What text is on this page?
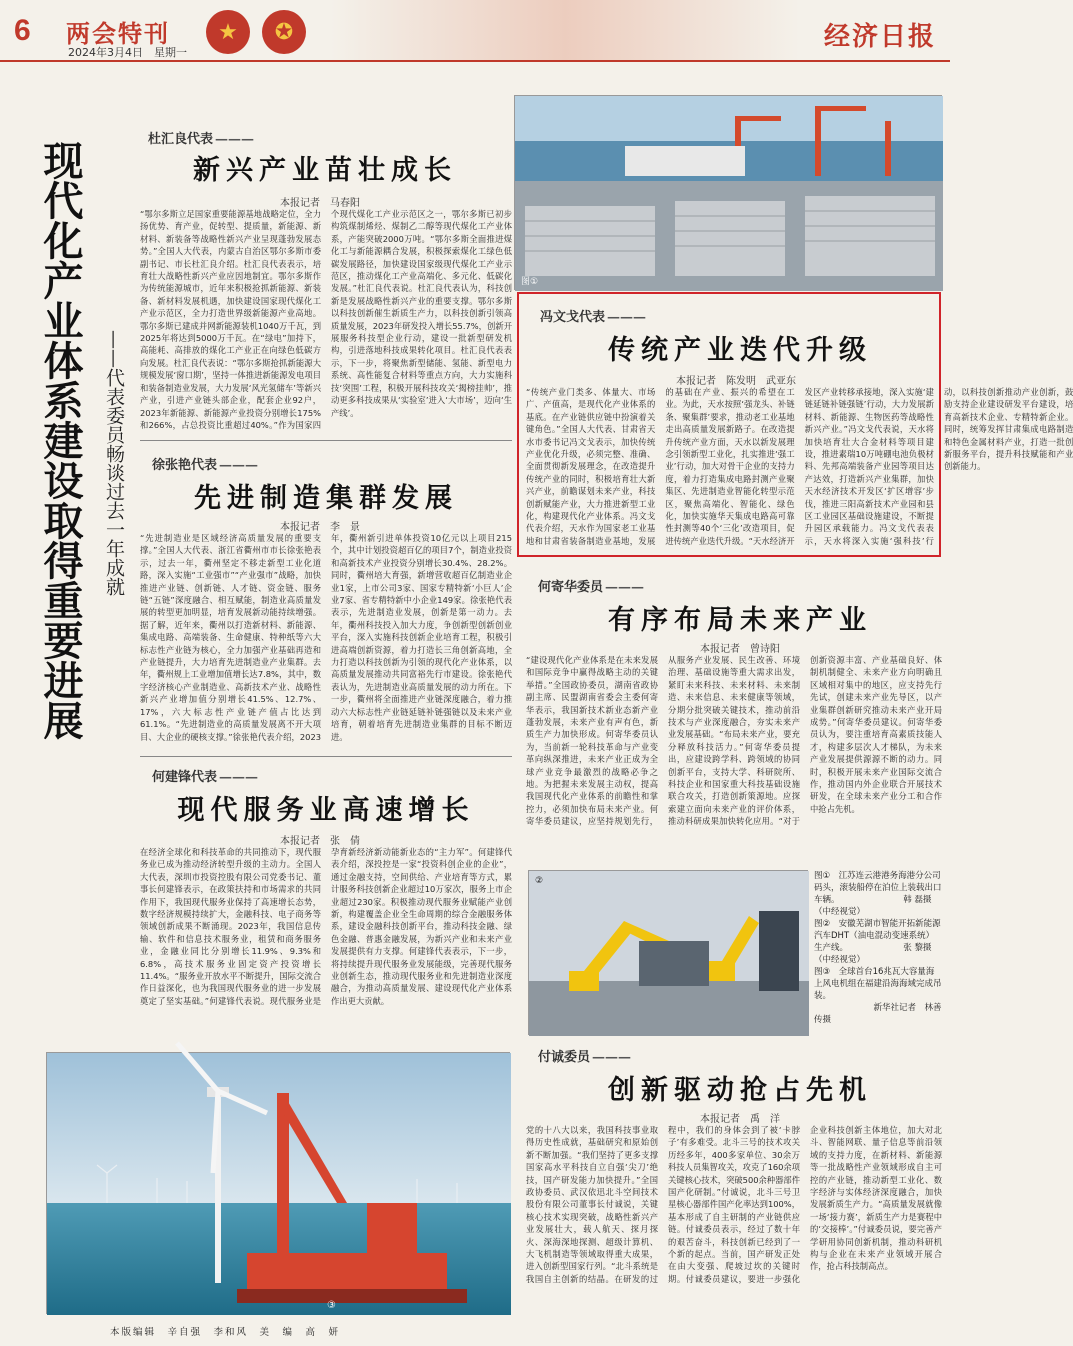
6 两会特刊
2024年3月4日　星期一
★	✪	经济日报
现代化产业体系建设取得重要进展 ——代表委员畅谈过去一年成就
杜汇良代表 ———
新兴产业苗壮成长
本报记者　马春阳
“鄂尔多斯立足国家重要能源基地战略定位，全力扬优势、育产业，促转型、提质量，新能源、新材料、新装备等战略性新兴产业呈现蓬勃发展态势。”全国人大代表，内蒙古自治区鄂尔多斯市委副书记、市长杜汇良介绍。杜汇良代表表示，培育壮大战略性新兴产业应因地制宜。鄂尔多斯作为传统能源城市，近年来积极抢抓新能源、新装备、新材料发展机遇，加快建设国家现代煤化工产业示范区，全力打造世界级新能源产业高地。鄂尔多斯已建成并网新能源装机1040万千瓦，到2025年将达到5000万千瓦。在“绿电”加持下，高能耗、高排放的煤化工产业正在向绿色低碳方向发展。杜汇良代表说：“鄂尔多斯抢抓新能源大规模发展‘窗口期’，坚持一体推进新能源发电项目和装备制造业发展，大力发展‘风光氢储车’等新兴产业，引进产业链头部企业，配套企业92户，2023年新能源、新能源产业投资分别增长175%和266%，占总投资比重超过40%。”作为国家四个现代煤化工产业示范区之一，鄂尔多斯已初步构筑煤制烯烃、煤制乙二醇等现代煤化工产业体系，产能突破2000万吨。“鄂尔多斯全面推进煤化工与新能源耦合发展，积极探索煤化工绿色低碳发展路径，加快建设国家级现代煤化工产业示范区，推动煤化工产业高端化、多元化、低碳化发展。”杜汇良代表说。杜汇良代表认为，科技创新是发展战略性新兴产业的重要支撑。鄂尔多斯以科技创新催生新质生产力，以科技创新引领高质量发展，2023年研发投入增长55.7%，创新开展服务科技型企业行动，建设一批新型研发机构，引进落地科技成果转化项目。杜汇良代表表示，下一步，将聚焦新型储能、氢能、新型电力系统、高性能复合材料等重点方向，大力实施科技‘突围’工程，积极开展科技攻关‘揭榜挂帅’，推动更多科技成果从‘实验室’进入‘大市场’，迈向‘生产线’。
徐张艳代表 ———
先进制造集群发展
本报记者　李　景
“先进制造业是区域经济高质量发展的重要支撑。”全国人大代表、浙江省衢州市市长徐张艳表示，过去一年，衢州坚定不移走新型工业化道路，深入实施“工业强市”“产业强市”战略，加快推进产业链、创新链、人才链、资金链、服务链“五链”深度融合、相互赋能，制造业高质量发展的转型更加明显，培育发展新动能持续增强。据了解，近年来，衢州以打造新材料、新能源、集成电路、高端装备、生命健康、特种纸等六大标志性产业链为核心，全力加强产业基础再造和产业链提升，大力培育先进制造业产业集群。去年，衢州规上工业增加值增长达7.8%，其中，数字经济核心产业制造业、高新技术产业、战略性新兴产业增加值分别增长41.5%、12.7%、17%，六大标志性产业链产值占比达到61.1%。“先进制造业的高质量发展离不开大项目、大企业的硬核支撑。”徐张艳代表介绍，2023年，衢州新引进单体投资10亿元以上项目215个，其中计划投资超百亿的项目7个，制造业投资和高新技术产业投资分别增长30.4%、28.2%。同时，衢州培大育强，新增营收超百亿制造业企业1家，上市公司3家、国家专精特新‘小巨人’企业7家、省专精特新中小企业149家。徐张艳代表表示，先进制造业发展，创新是第一动力。去年，衢州科技投入加大力度，争创新型创新创业平台，深入实施科技创新企业培育工程，积极引进高端创新资源，着力打造长三角创新高地，全力打造以科技创新为引领的现代化产业体系，以高质量发展推动共同富裕先行市建设。徐张艳代表认为，先进制造业高质量发展的动力所在。下一步，衢州将全面推进产业链深度融合，着力推动六大标志性产业链延链补链强链以及未来产业培育，朝着培育先进制造业集群的目标不断迈进。
何建锋代表 ———
现代服务业高速增长
本报记者　张　倩
在经济全球化和科技革命的共同推动下，现代服务业已成为推动经济转型升级的主动力。全国人大代表，深圳市投资控股有限公司党委书记、董事长何建锋表示，在政策扶持和市场需求的共同作用下，我国现代服务业保持了高速增长态势，数字经济规模持续扩大，金融科技、电子商务等领域创新成果不断涌现。2023年，我国信息传输、软件和信息技术服务业，租赁和商务服务业，金融业同比分别增长11.9%、9.3%和6.8%，高技术服务业固定资产投资增长11.4%。“服务业开放水平不断提升，国际交流合作日益深化，也为我国现代服务业的进一步发展奠定了坚实基础。”何建锋代表说。现代服务业是孕育新经济新动能新业态的“主力军”。何建锋代表介绍，深投控是一家“投资科创企业的企业”，通过金融支持，空间供给、产业培育等方式，累计服务科技创新企业超过10万家次，服务上市企业超过230家。积极推动现代服务业赋能产业创新，构建覆盖企业全生命周期的综合金融服务体系，建设金融科技创新平台，推动科技金融、绿色金融、普惠金融发展，为新兴产业和未来产业发展提供有力支撑。何建锋代表表示，下一步，将持续提升现代服务业发展能级，完善现代服务业创新生态，推动现代服务业和先进制造业深度融合，为推动高质量发展、建设现代化产业体系作出更大贡献。
③
图①
冯文戈代表 ———
传统产业迭代升级
本报记者　陈发明　武亚东
“传统产业门类多、体量大、市场广、产值高，是现代化产业体系的基底。在产业链供应链中扮演着关键角色。”全国人大代表、甘肃省天水市委书记冯文戈表示，加快传统产业优化升级，必须完整、准确、全面贯彻新发展理念，在改造提升传统产业的同时，积极培育壮大新兴产业，前瞻谋划未来产业，科技创新赋能产业，大力推进新型工业化，构建现代化产业体系。冯文戈代表介绍，天水作为国家老工业基地和甘肃省装备制造业基地，发展的基础在产业、振兴的希望在工业。为此，天水按照‘强龙头、补链条、聚集群’要求，推动老工业基地走出高质量发展新路子。在改造提升传统产业方面，天水以新发展理念引领新型工业化，扎实推进‘强工业’行动，加大对骨干企业的支持力度，着力打造集成电路封测产业聚集区、先进制造业智能化转型示范区，聚焦高端化、智能化、绿色化，加快实施华天集成电路高可靠性封测等40个‘三化’改造项目，促进传统产业迭代升级。“天水经济开发区产业转移承接地，深入实施‘建链延链补链强链’行动，大力发展新材料、新能源、生物医药等战略性新兴产业。”冯文戈代表说，天水将加快培育壮大合金材料等项目建设，推进素瑞10万吨硼电池负极材料、先邦高端装备产业园等项目达产达效，打造新兴产业集群，加快天水经济技术开发区‘扩区增容’步伐，推进三阳高新技术产业园和县区工业园区基础设施建设，不断提升园区承载能力。冯文戈代表表示，天水将深入实施‘强科技’行动，以科技创新推动产业创新，鼓励支持企业建设研发平台建设，培育高新技术企业、专精特新企业。同时，统筹发挥甘肃集成电路制造和特色金属材料产业，打造一批创新服务平台，提升科技赋能和产业创新能力。
何寄华委员 ———
有序布局未来产业
本报记者　曾诗阳
“建设现代化产业体系是在未来发展和国际竞争中赢得战略主动的关键举措。”全国政协委员，湖南省政协副主席、民盟湖南省委会主委何寄华表示，我国新技术新业态新产业蓬勃发展，未来产业有声有色，新质生产力加快形成。何寄华委员认为，当前新一轮科技革命与产业变革向纵深推进，未来产业正成为全球产业竞争最激烈的战略必争之地。为把握未来发展主动权，提高我国现代化产业体系的前瞻性和掌控力，必须加快布局未来产业。何寄华委员建议，应坚持规划先行，从服务产业发展、民生改善、环境治理、基础设施等重大需求出发，紧盯未来科技、未来材料、未来制造、未来信息、未来健康等领域，分期分批突破关键技术，推动前沿技术与产业深度融合，夯实未来产业发展基础。“布局未来产业，要充分释放科技活力。”何寄华委员提出，应建设跨学科、跨领域的协同创新平台，支持大学、科研院所、科技企业和国家重大科技基础设施联合攻关，打造创新策源地。应探索建立面向未来产业的评价体系，推动科研成果加快转化应用。“对于创新资源丰富、产业基础良好、体制机制健全、未来产业方向明确且区域相对集中的地区，应支持先行先试，创建未来产业先导区，以产业集群创新研究推动未来产业开局成势。”何寄华委员建议。何寄华委员认为，要注重培育高素质技能人才，构建多层次人才梯队，为未来产业发展提供源源不断的动力。同时，积极开展未来产业国际交流合作，推动国内外企业联合开展技术研发，在全球未来产业分工和合作中抢占先机。
②	图①　江苏连云港港务海港分公司码头，滚装船停在泊位上装载出口车辆。　　　　　　　　韩 磊摄（中经视觉）
图②　安徽芜湖市智能开拓新能源汽车DHT（油电混动变速系统）生产线。　　　　　　　张 黎摄（中经视觉）
图③　全球首台16兆瓦大容量海上风电机组在福建沿海海域完成吊装。
　　　　　　　新华社记者　林善传摄
付诚委员 ———
创新驱动抢占先机
本报记者　禹　洋
党的十八大以来，我国科技事业取得历史性成就，基础研究和原始创新不断加强。“我们坚持了更多支撑国家高水平科技自立自强‘尖刀’绝技，国产研发能力加快提升。”全国政协委员、武汉依迅北斗空间技术股份有限公司董事长付诚说，关键核心技术实现突破，战略性新兴产业发展壮大，载人航天、探月探火、深海深地探测、超级计算机、大飞机制造等领域取得重大成果，进入创新型国家行列。“北斗系统是我国自主创新的结晶。在研发的过程中，我们的身体会到了被‘卡脖子’有多难受。北斗三号的技术攻关历经多年，400多家单位、30余万科技人员集智攻关，攻克了160余项关键核心技术，突破500余种器部件国产化研制。”付诚说，北斗三号卫星核心器部件国产化率达到100%，基本形成了自主研制的产业链供应链。付诚委员表示，经过了数十年的艰苦奋斗，科技创新已经到了一个新的起点。当前，国产研发正处在由大变强、爬坡过坎的关键时期。付诚委员建议，要进一步强化企业科技创新主体地位，加大对北斗、智能网联、量子信息等前沿领域的支持力度，在新材料、新能源等一批战略性产业领域形成自主可控的产业链，推动新型工业化、数字经济与实体经济深度融合，加快发展新质生产力。“高质量发展就像一场‘接力赛’，新质生产力是赛程中的‘交接棒’。”付诚委员说，要完善产学研用协同创新机制，推动科研机构与企业在未来产业领域开展合作，抢占科技制高点。
本版编辑　辛自强　李和风　美　编　高　妍
